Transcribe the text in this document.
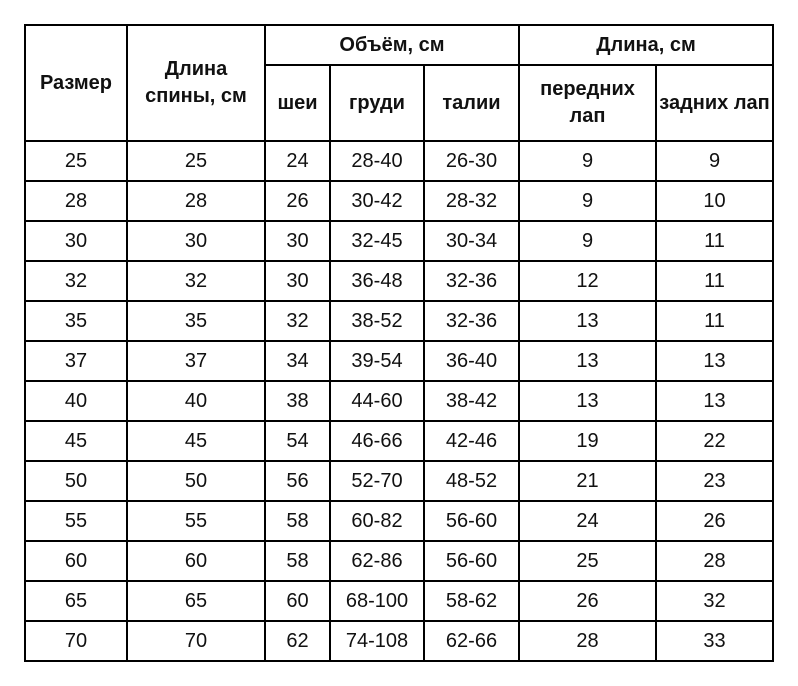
Размер	Длина спины, см	Объём, см			Длина, см	
		шеи	груди	талии	передних лап	задних лап
25	25	24	28-40	26-30	9	9
28	28	26	30-42	28-32	9	10
30	30	30	32-45	30-34	9	11
32	32	30	36-48	32-36	12	11
35	35	32	38-52	32-36	13	11
37	37	34	39-54	36-40	13	13
40	40	38	44-60	38-42	13	13
45	45	54	46-66	42-46	19	22
50	50	56	52-70	48-52	21	23
55	55	58	60-82	56-60	24	26
60	60	58	62-86	56-60	25	28
65	65	60	68-100	58-62	26	32
70	70	62	74-108	62-66	28	33
